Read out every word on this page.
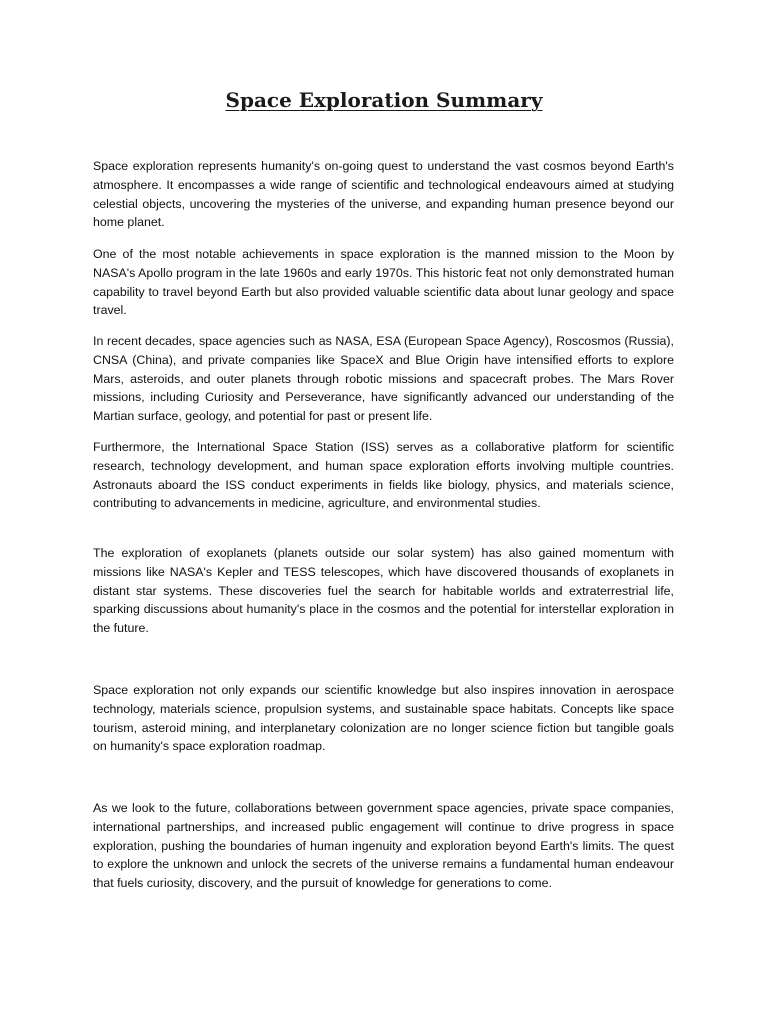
Space Exploration Summary

Space exploration represents humanity's on-going quest to understand the vast cosmos beyond Earth's atmosphere. It encompasses a wide range of scientific and technological endeavours aimed at studying celestial objects, uncovering the mysteries of the universe, and expanding human presence beyond our home planet.

One of the most notable achievements in space exploration is the manned mission to the Moon by NASA's Apollo program in the late 1960s and early 1970s. This historic feat not only demonstrated human capability to travel beyond Earth but also provided valuable scientific data about lunar geology and space travel.

In recent decades, space agencies such as NASA, ESA (European Space Agency), Roscosmos (Russia), CNSA (China), and private companies like SpaceX and Blue Origin have intensified efforts to explore Mars, asteroids, and outer planets through robotic missions and spacecraft probes. The Mars Rover missions, including Curiosity and Perseverance, have significantly advanced our understanding of the Martian surface, geology, and potential for past or present life.

Furthermore, the International Space Station (ISS) serves as a collaborative platform for scientific research, technology development, and human space exploration efforts involving multiple countries. Astronauts aboard the ISS conduct experiments in fields like biology, physics, and materials science, contributing to advancements in medicine, agriculture, and environmental studies.

The exploration of exoplanets (planets outside our solar system) has also gained momentum with missions like NASA's Kepler and TESS telescopes, which have discovered thousands of exoplanets in distant star systems. These discoveries fuel the search for habitable worlds and extraterrestrial life, sparking discussions about humanity's place in the cosmos and the potential for interstellar exploration in the future.

Space exploration not only expands our scientific knowledge but also inspires innovation in aerospace technology, materials science, propulsion systems, and sustainable space habitats. Concepts like space tourism, asteroid mining, and interplanetary colonization are no longer science fiction but tangible goals on humanity's space exploration roadmap.

As we look to the future, collaborations between government space agencies, private space companies, international partnerships, and increased public engagement will continue to drive progress in space exploration, pushing the boundaries of human ingenuity and exploration beyond Earth's limits. The quest to explore the unknown and unlock the secrets of the universe remains a fundamental human endeavour that fuels curiosity, discovery, and the pursuit of knowledge for generations to come.
